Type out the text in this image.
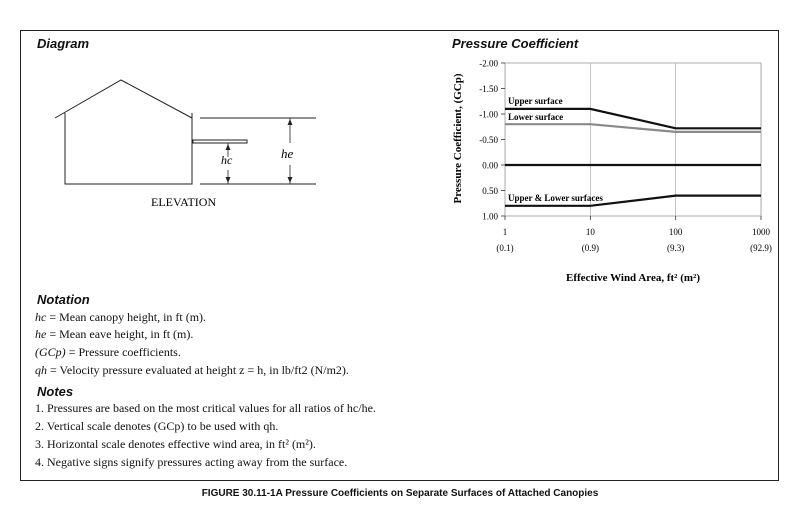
Diagram
hc	he
ELEVATION
Pressure Coefficient
-2.00
-1.50
-1.00
-0.50
0.00
0.50
1.00
1
(0.1)
10
(0.9)
100
(9.3)
1000
(92.9)
Upper surface
Lower surface
Upper & Lower surfaces
Pressure Coefficient, (GCp)
Effective Wind Area, ft² (m²)
Notation
hc = Mean canopy height, in ft (m).
he = Mean eave height, in ft (m).
(GCp) = Pressure coefficients.
qh = Velocity pressure evaluated at height z = h, in lb/ft2 (N/m2).
Notes
1. Pressures are based on the most critical values for all ratios of hc/he.
2. Vertical scale denotes (GCp) to be used with qh.
3. Horizontal scale denotes effective wind area, in ft² (m²).
4. Negative signs signify pressures acting away from the surface.
FIGURE 30.11-1A Pressure Coefficients on Separate Surfaces of Attached Canopies
